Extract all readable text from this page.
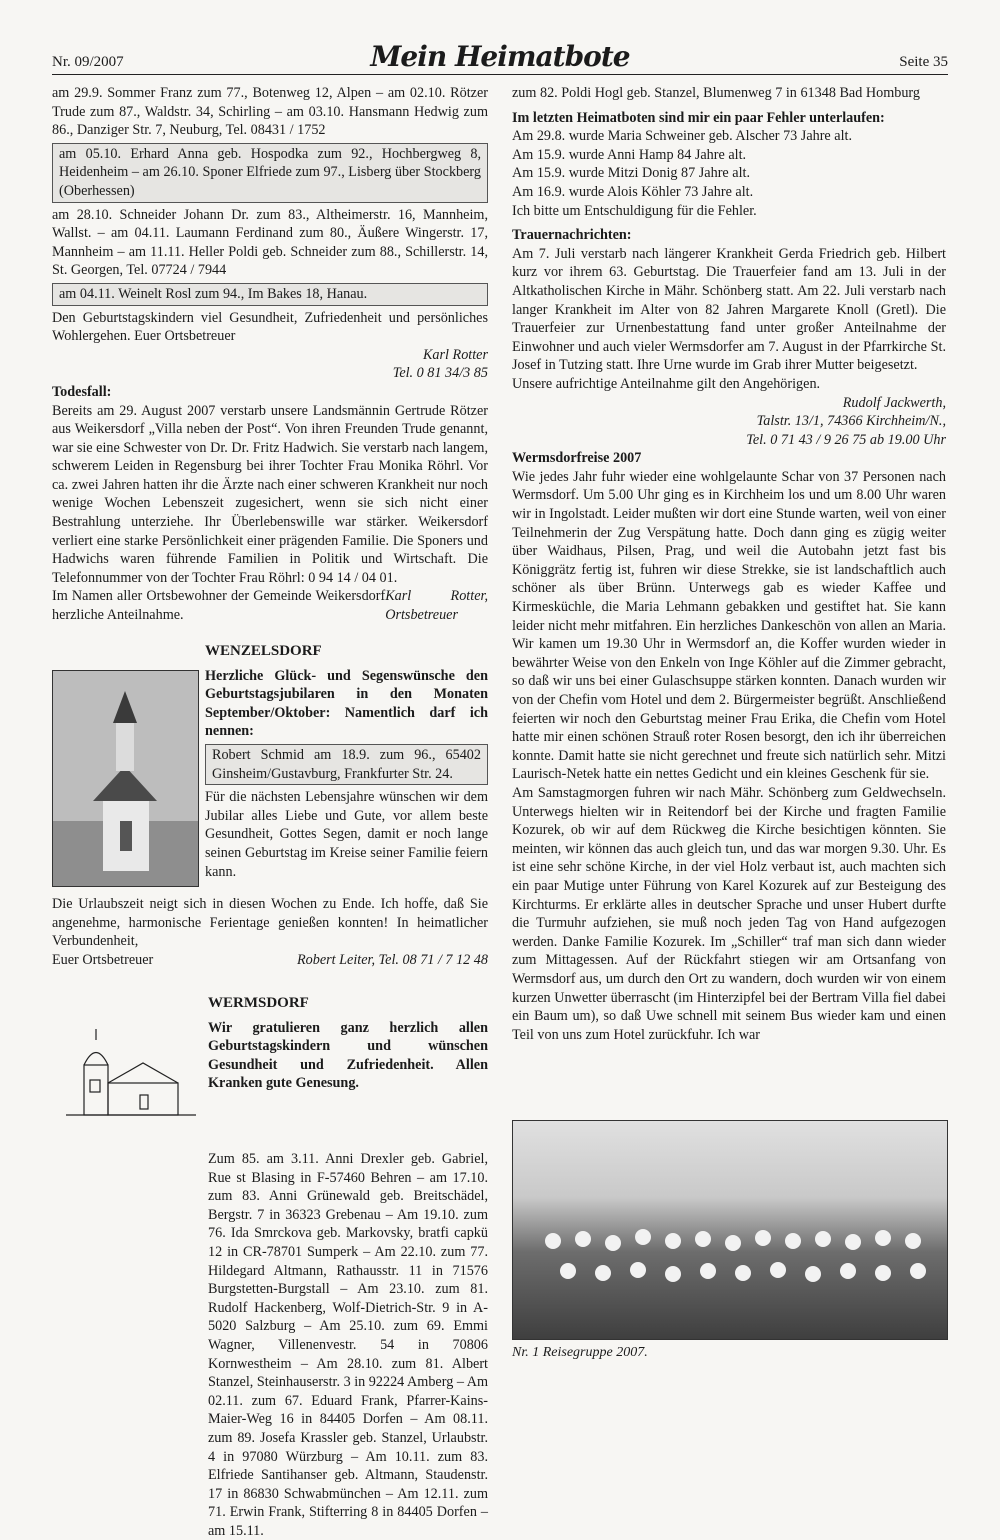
Nr. 09/2007	Mein Heimatbote	Seite 35

am 29.9. Sommer Franz zum 77., Botenweg 12, Alpen – am 02.10. Rötzer Trude zum 87., Waldstr. 34, Schirling – am 03.10. Hansmann Hedwig zum 86., Danziger Str. 7, Neuburg, Tel. 08431 / 1752

am 05.10. Erhard Anna geb. Hospodka zum 92., Hochbergweg 8, Heidenheim – am 26.10. Sponer Elfriede zum 97., Lisberg über Stockberg (Oberhessen)

am 28.10. Schneider Johann Dr. zum 83., Altheimerstr. 16, Mannheim, Wallst. – am 04.11. Laumann Ferdinand zum 80., Äußere Wingerstr. 17, Mannheim – am 11.11. Heller Poldi geb. Schneider zum 88., Schillerstr. 14, St. Georgen, Tel. 07724 / 7944

am 04.11. Weinelt Rosl zum 94., Im Bakes 18, Hanau.

Den Geburtstagskindern viel Gesundheit, Zufriedenheit und persönliches Wohlergehen. Euer Ortsbetreuer

Karl Rotter
Tel. 0 81 34/3 85

Todesfall:

Bereits am 29. August 2007 verstarb unsere Landsmännin Gertrude Rötzer aus Weikersdorf „Villa neben der Post“. Von ihren Freunden Trude genannt, war sie eine Schwester von Dr. Dr. Fritz Hadwich. Sie verstarb nach langem, schwerem Leiden in Regensburg bei ihrer Tochter Frau Monika Röhrl. Vor ca. zwei Jahren hatten ihr die Ärzte nach einer schweren Krankheit nur noch wenige Wochen Lebenszeit zugesichert, wenn sie sich nicht einer Bestrahlung unterziehe. Ihr Überlebenswille war stärker. Weikersdorf verliert eine starke Persönlichkeit einer prägenden Familie. Die Sponers und Hadwichs waren führende Familien in Politik und Wirtschaft. Die Telefonnummer von der Tochter Frau Röhrl: 0 94 14 / 04 01.

Im Namen aller Ortsbewohner der Gemeinde Weikersdorf herzliche Anteilnahme.
Karl Rotter, Ortsbetreuer

WENZELSDORF

Herzliche Glück- und Segenswünsche den Geburtstagsjubilaren in den Monaten September/Oktober: Namentlich darf ich nennen:

Robert Schmid am 18.9. zum 96., 65402 Ginsheim/Gustavburg, Frankfurter Str. 24.

Für die nächsten Lebensjahre wünschen wir dem Jubilar alles Liebe und Gute, vor allem beste Gesundheit, Gottes Segen, damit er noch lange seinen Geburtstag im Kreise seiner Familie feiern kann.

Die Urlaubszeit neigt sich in diesen Wochen zu Ende. Ich hoffe, daß Sie angenehme, harmonische Ferientage genießen konnten! In heimatlicher Verbundenheit,

Euer Ortsbetreuer	Robert Leiter, Tel. 08 71 / 7 12 48

WERMSDORF

Wir gratulieren ganz herzlich allen Geburtstagskindern und wünschen Gesundheit und Zufriedenheit. Allen Kranken gute Genesung.

Zum 85. am 3.11. Anni Drexler geb. Gabriel, Rue st Blasing in F-57460 Behren – am 17.10. zum 83. Anni Grünewald geb. Breitschädel, Bergstr. 7 in 36323 Grebenau – Am 19.10. zum 76. Ida Smrckova geb. Markovsky, bratfi capkü 12 in CR-78701 Sumperk – Am 22.10. zum 77. Hildegard Altmann, Rathausstr. 11 in 71576 Burgstetten-Burgstall – Am 23.10. zum 81. Rudolf Hackenberg, Wolf-Dietrich-Str. 9 in A-5020 Salzburg – Am 25.10. zum 69. Emmi Wagner, Villenenvestr. 54 in 70806 Kornwestheim – Am 28.10. zum 81. Albert Stanzel, Steinhauserstr. 3 in 92224 Amberg – Am 02.11. zum 67. Eduard Frank, Pfarrer-Kains-Maier-Weg 16 in 84405 Dorfen – Am 08.11. zum 89. Josefa Krassler geb. Stanzel, Urlaubstr. 4 in 97080 Würzburg – Am 10.11. zum 83. Elfriede Santihanser geb. Altmann, Staudenstr. 17 in 86830 Schwabmünchen – Am 12.11. zum 71. Erwin Frank, Stifterring 8 in 84405 Dorfen – am 15.11.

zum 82. Poldi Hogl geb. Stanzel, Blumenweg 7 in 61348 Bad Homburg

Im letzten Heimatboten sind mir ein paar Fehler unterlaufen:

Am 29.8. wurde Maria Schweiner geb. Alscher 73 Jahre alt.

Am 15.9. wurde Anni Hamp 84 Jahre alt.

Am 15.9. wurde Mitzi Donig 87 Jahre alt.

Am 16.9. wurde Alois Köhler 73 Jahre alt.

Ich bitte um Entschuldigung für die Fehler.

Trauernachrichten:

Am 7. Juli verstarb nach längerer Krankheit Gerda Friedrich geb. Hilbert kurz vor ihrem 63. Geburtstag. Die Trauerfeier fand am 13. Juli in der Altkatholischen Kirche in Mähr. Schönberg statt. Am 22. Juli verstarb nach langer Krankheit im Alter von 82 Jahren Margarete Knoll (Gretl). Die Trauerfeier zur Urnenbestattung fand unter großer Anteilnahme der Einwohner und auch vieler Wermsdorfer am 7. August in der Pfarrkirche St. Josef in Tutzing statt. Ihre Urne wurde im Grab ihrer Mutter beigesetzt.

Unsere aufrichtige Anteilnahme gilt den Angehörigen.

Rudolf Jackwerth,
Talstr. 13/1, 74366 Kirchheim/N.,
Tel. 0 71 43 / 9 26 75 ab 19.00 Uhr

Wermsdorfreise 2007

Wie jedes Jahr fuhr wieder eine wohlgelaunte Schar von 37 Personen nach Wermsdorf. Um 5.00 Uhr ging es in Kirchheim los und um 8.00 Uhr waren wir in Ingolstadt. Leider mußten wir dort eine Stunde warten, weil von einer Teilnehmerin der Zug Verspätung hatte. Doch dann ging es zügig weiter über Waidhaus, Pilsen, Prag, und weil die Autobahn jetzt fast bis Königgrätz fertig ist, fuhren wir diese Strekke, sie ist landschaftlich auch schöner als über Brünn. Unterwegs gab es wieder Kaffee und Kirmesküchle, die Maria Lehmann gebakken und gestiftet hat. Sie kann leider nicht mehr mitfahren. Ein herzliches Dankeschön von allen an Maria. Wir kamen um 19.30 Uhr in Wermsdorf an, die Koffer wurden wieder in bewährter Weise von den Enkeln von Inge Köhler auf die Zimmer gebracht, so daß wir uns bei einer Gulaschsuppe stärken konnten. Danach wurden wir von der Chefin vom Hotel und dem 2. Bürgermeister begrüßt. Anschließend feierten wir noch den Geburtstag meiner Frau Erika, die Chefin vom Hotel hatte mir einen schönen Strauß roter Rosen besorgt, den ich ihr überreichen konnte. Damit hatte sie nicht gerechnet und freute sich natürlich sehr. Mitzi Laurisch-Netek hatte ein nettes Gedicht und ein kleines Geschenk für sie.

Am Samstagmorgen fuhren wir nach Mähr. Schönberg zum Geldwechseln. Unterwegs hielten wir in Reitendorf bei der Kirche und fragten Familie Kozurek, ob wir auf dem Rückweg die Kirche besichtigen könnten. Sie meinten, wir können das auch gleich tun, und das war morgen 9.30. Uhr. Es ist eine sehr schöne Kirche, in der viel Holz verbaut ist, auch machten sich ein paar Mutige unter Führung von Karel Kozurek auf zur Besteigung des Kirchturms. Er erklärte alles in deutscher Sprache und unser Hubert durfte die Turmuhr aufziehen, sie muß noch jeden Tag von Hand aufgezogen werden. Danke Familie Kozurek. Im „Schiller“ traf man sich dann wieder zum Mittagessen. Auf der Rückfahrt stiegen wir am Ortsanfang von Wermsdorf aus, um durch den Ort zu wandern, doch wurden wir von einem kurzen Unwetter überrascht (im Hinterzipfel bei der Bertram Villa fiel dabei ein Baum um), so daß Uwe schnell mit seinem Bus wieder kam und einen Teil von uns zum Hotel zurückfuhr. Ich war

Nr. 1 Reisegruppe 2007.
